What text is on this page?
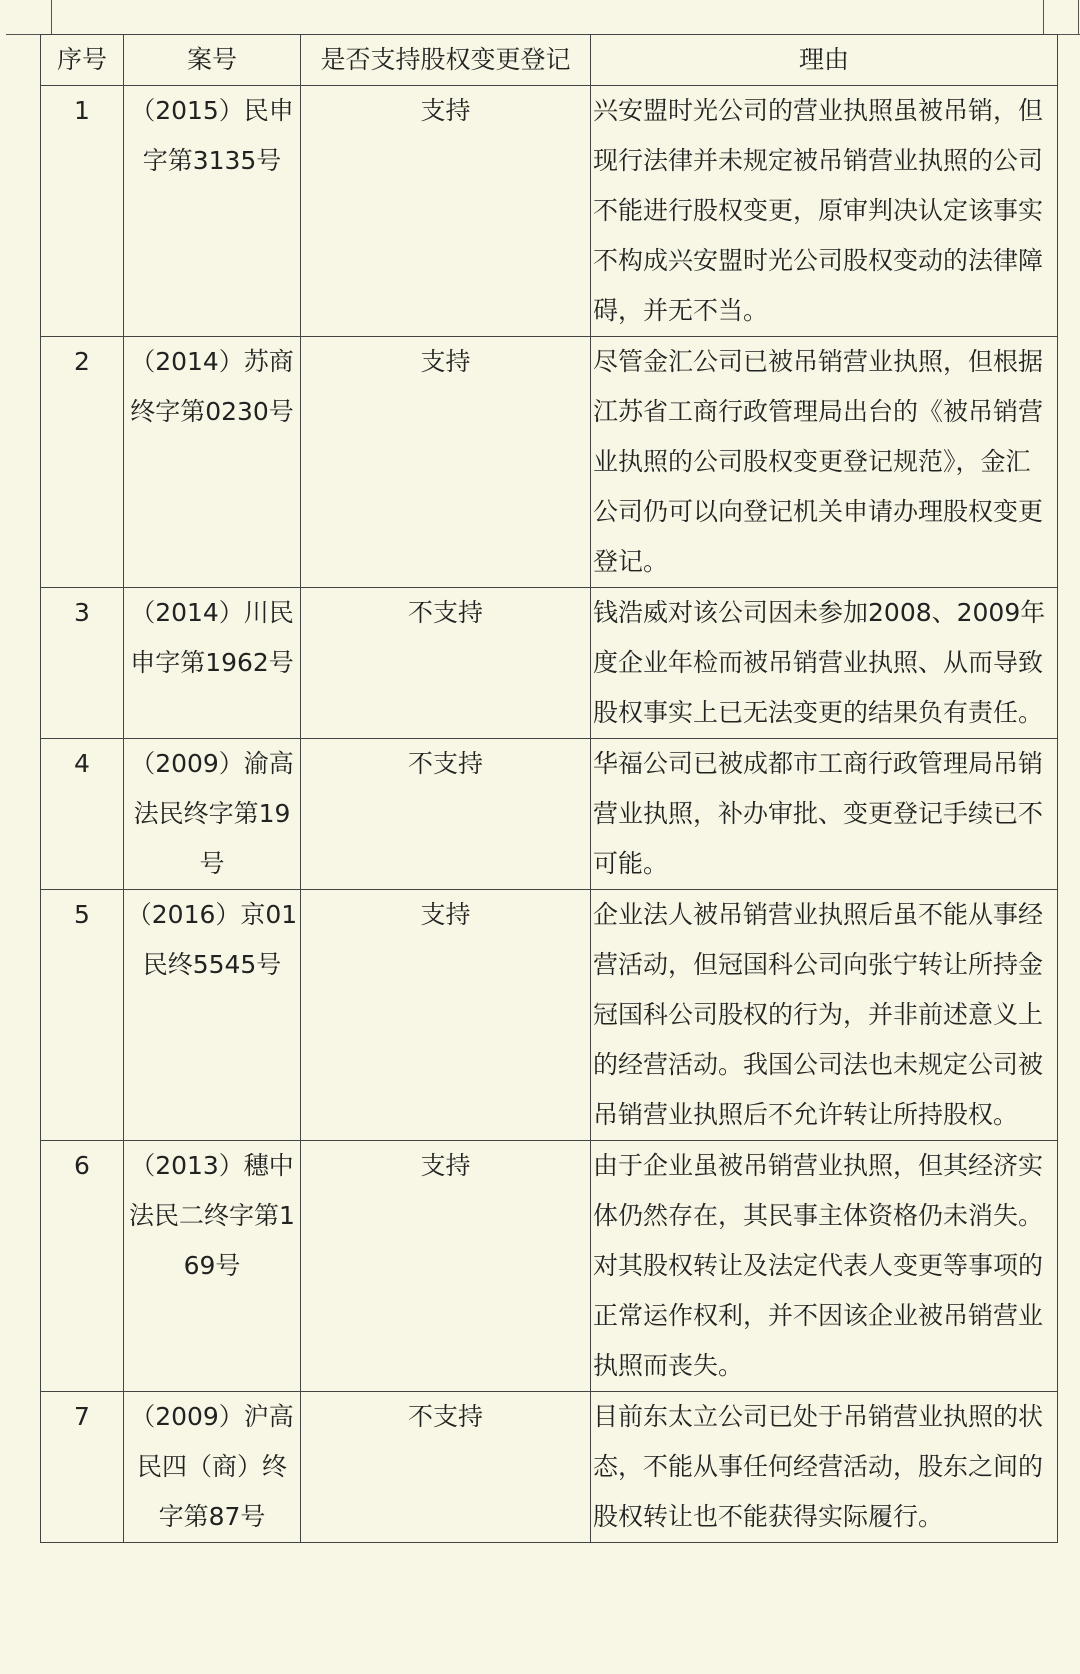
序号	案号	是否支持股权变更登记	理由
1	（2015）民申字第3135号	支持	兴安盟时光公司的营业执照虽被吊销，但现行法律并未规定被吊销营业执照的公司不能进行股权变更，原审判决认定该事实不构成兴安盟时光公司股权变动的法律障碍，并无不当。
2	（2014）苏商终字第0230号	支持	尽管金汇公司已被吊销营业执照，但根据江苏省工商行政管理局出台的《被吊销营业执照的公司股权变更登记规范》，金汇公司仍可以向登记机关申请办理股权变更登记。
3	（2014）川民申字第1962号	不支持	钱浩威对该公司因未参加2008、2009年度企业年检而被吊销营业执照、从而导致股权事实上已无法变更的结果负有责任。
4	（2009）渝高法民终字第19号	不支持	华福公司已被成都市工商行政管理局吊销营业执照，补办审批、变更登记手续已不可能。
5	（2016）京01民终5545号	支持	企业法人被吊销营业执照后虽不能从事经营活动，但冠国科公司向张宁转让所持金冠国科公司股权的行为，并非前述意义上的经营活动。我国公司法也未规定公司被吊销营业执照后不允许转让所持股权。
6	（2013）穗中法民二终字第169号	支持	由于企业虽被吊销营业执照，但其经济实体仍然存在，其民事主体资格仍未消失。对其股权转让及法定代表人变更等事项的正常运作权利，并不因该企业被吊销营业执照而丧失。
7	（2009）沪高民四（商）终字第87号	不支持	目前东太立公司已处于吊销营业执照的状态，不能从事任何经营活动，股东之间的股权转让也不能获得实际履行。
